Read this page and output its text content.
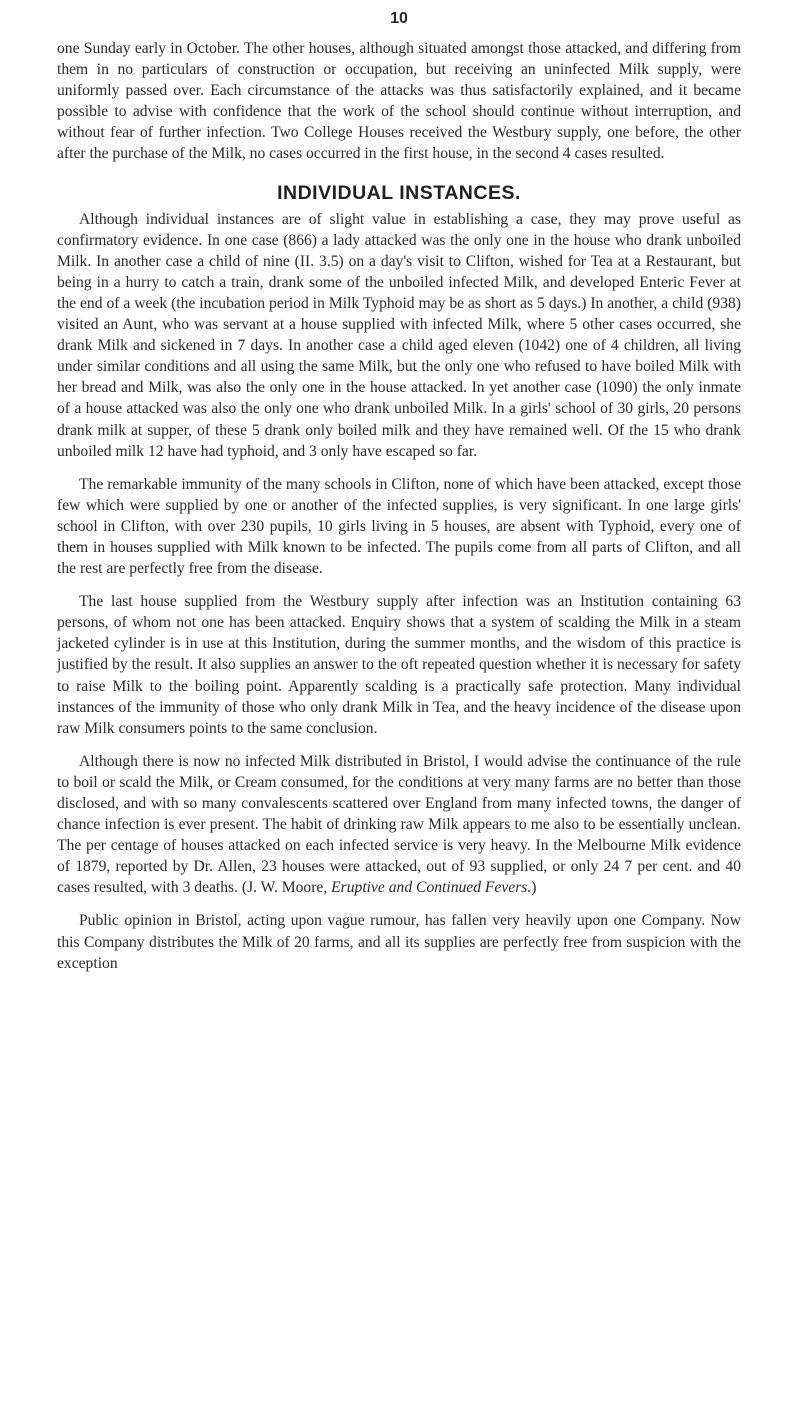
10

one Sunday early in October. The other houses, although situated amongst those attacked, and differing from them in no particulars of construction or occupation, but receiving an uninfected Milk supply, were uniformly passed over. Each circumstance of the attacks was thus satisfactorily explained, and it became possible to advise with confidence that the work of the school should continue without interruption, and without fear of further infection. Two College Houses received the Westbury supply, one before, the other after the purchase of the Milk, no cases occurred in the first house, in the second 4 cases resulted.

INDIVIDUAL INSTANCES.

Although individual instances are of slight value in establishing a case, they may prove useful as confirmatory evidence. In one case (866) a lady attacked was the only one in the house who drank unboiled Milk. In another case a child of nine (II. 3.5) on a day's visit to Clifton, wished for Tea at a Restaurant, but being in a hurry to catch a train, drank some of the unboiled infected Milk, and developed Enteric Fever at the end of a week (the incubation period in Milk Typhoid may be as short as 5 days.) In another, a child (938) visited an Aunt, who was servant at a house supplied with infected Milk, where 5 other cases occurred, she drank Milk and sickened in 7 days. In another case a child aged eleven (1042) one of 4 children, all living under similar conditions and all using the same Milk, but the only one who refused to have boiled Milk with her bread and Milk, was also the only one in the house attacked. In yet another case (1090) the only inmate of a house attacked was also the only one who drank unboiled Milk. In a girls' school of 30 girls, 20 persons drank milk at supper, of these 5 drank only boiled milk and they have remained well. Of the 15 who drank unboiled milk 12 have had typhoid, and 3 only have escaped so far.

The remarkable immunity of the many schools in Clifton, none of which have been attacked, except those few which were supplied by one or another of the infected supplies, is very significant. In one large girls' school in Clifton, with over 230 pupils, 10 girls living in 5 houses, are absent with Typhoid, every one of them in houses supplied with Milk known to be infected. The pupils come from all parts of Clifton, and all the rest are perfectly free from the disease.

The last house supplied from the Westbury supply after infection was an Institution containing 63 persons, of whom not one has been attacked. Enquiry shows that a system of scalding the Milk in a steam jacketed cylinder is in use at this Institution, during the summer months, and the wisdom of this practice is justified by the result. It also supplies an answer to the oft repeated question whether it is necessary for safety to raise Milk to the boiling point. Apparently scalding is a practically safe protection. Many individual instances of the immunity of those who only drank Milk in Tea, and the heavy incidence of the disease upon raw Milk consumers points to the same conclusion.

Although there is now no infected Milk distributed in Bristol, I would advise the continuance of the rule to boil or scald the Milk, or Cream consumed, for the conditions at very many farms are no better than those disclosed, and with so many convalescents scattered over England from many infected towns, the danger of chance infection is ever present. The habit of drinking raw Milk appears to me also to be essentially unclean. The per centage of houses attacked on each infected service is very heavy. In the Melbourne Milk evidence of 1879, reported by Dr. Allen, 23 houses were attacked, out of 93 supplied, or only 24 7 per cent. and 40 cases resulted, with 3 deaths. (J. W. Moore, Eruptive and Continued Fevers.)

Public opinion in Bristol, acting upon vague rumour, has fallen very heavily upon one Company. Now this Company distributes the Milk of 20 farms, and all its supplies are perfectly free from suspicion with the exception
